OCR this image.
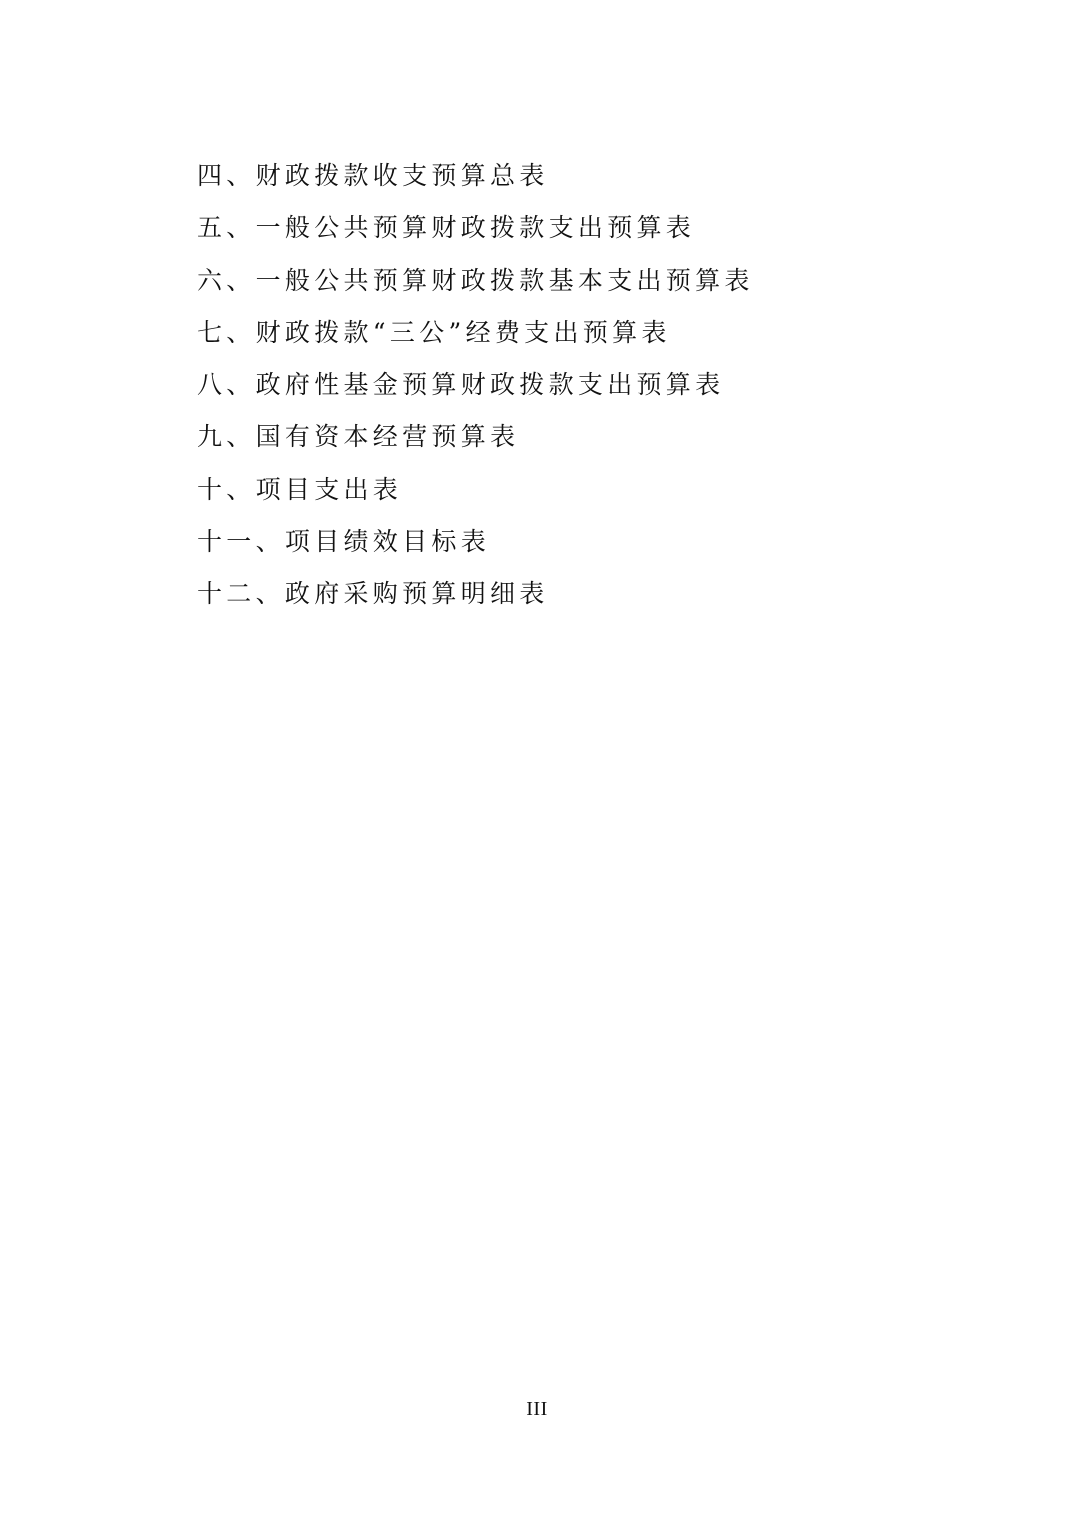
四、财政拨款收支预算总表
五、一般公共预算财政拨款支出预算表
六、一般公共预算财政拨款基本支出预算表
七、财政拨款“三公”经费支出预算表
八、政府性基金预算财政拨款支出预算表
九、国有资本经营预算表
十、项目支出表
十一、项目绩效目标表
十二、政府采购预算明细表
III
